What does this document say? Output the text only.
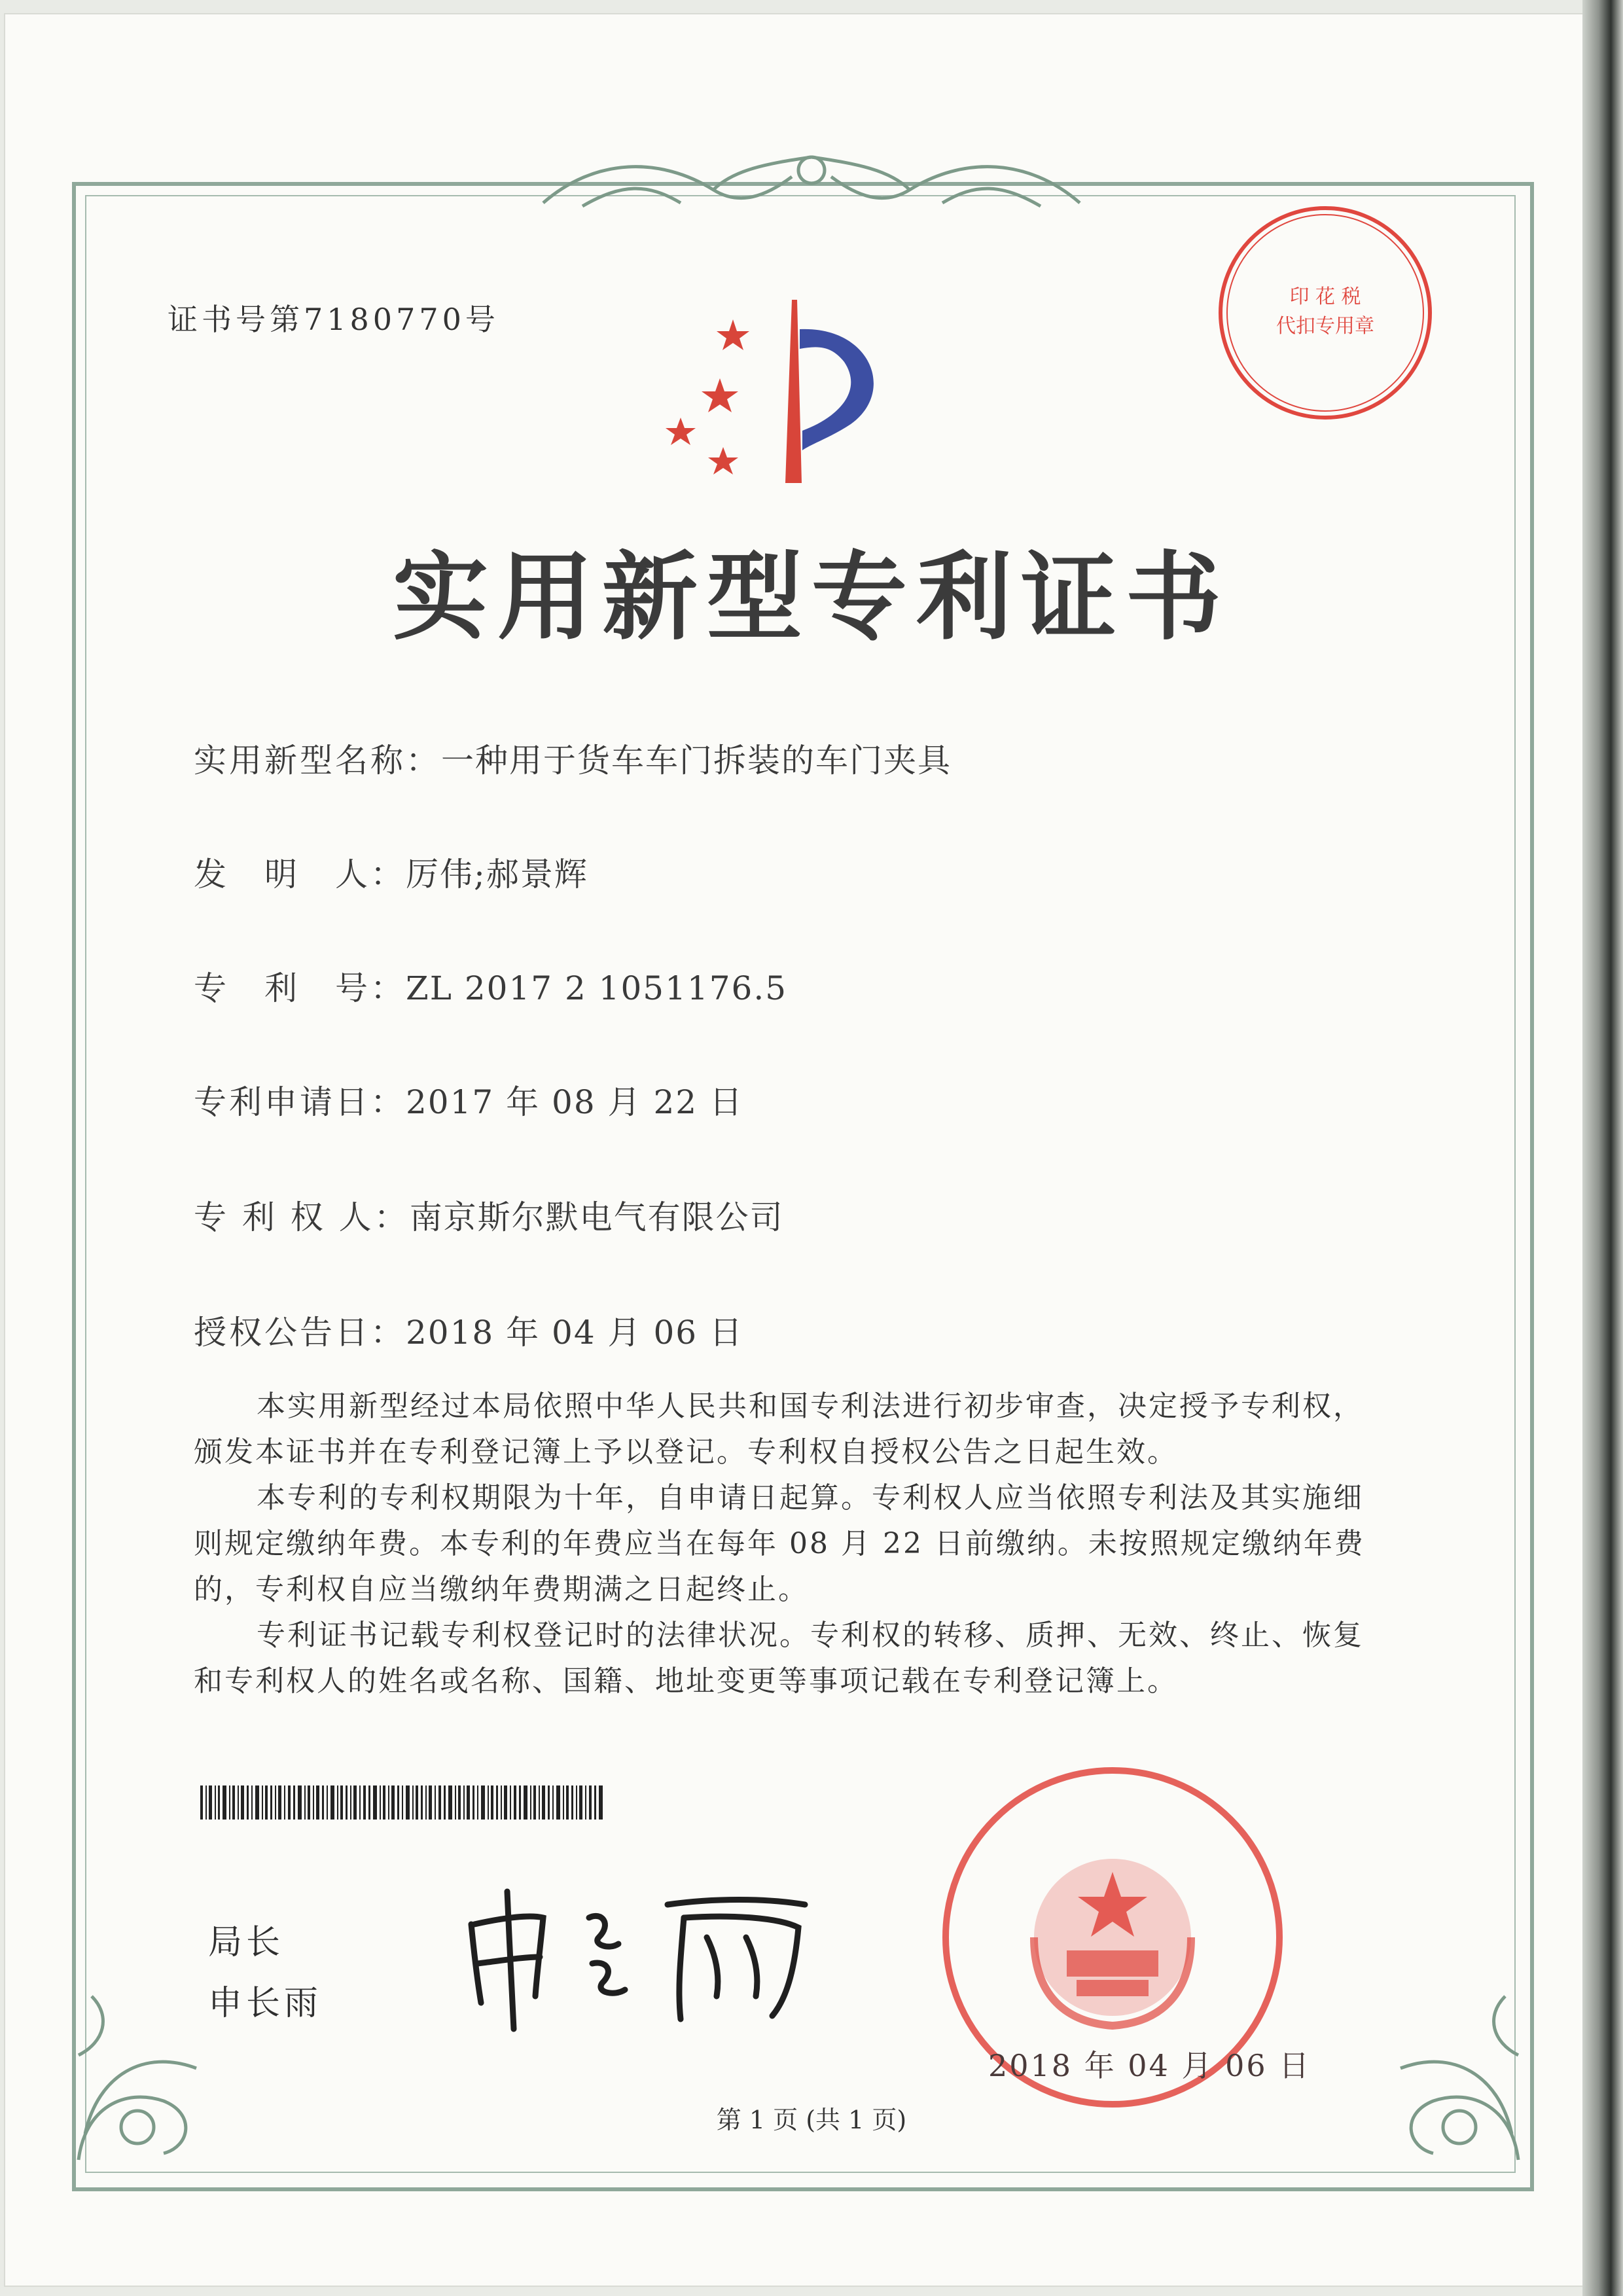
证书号第7180770号
实用新型专利证书
实用新型名称：一种用于货车车门拆装的车门夹具
发　明　人：厉伟;郝景辉
专　利　号：ZL 2017 2 1051176.5
专利申请日：2017 年 08 月 22 日
专 利 权 人：南京斯尔默电气有限公司
授权公告日：2018 年 04 月 06 日

本实用新型经过本局依照中华人民共和国专利法进行初步审查，决定授予专利权，颁发本证书并在专利登记簿上予以登记。专利权自授权公告之日起生效。

本专利的专利权期限为十年，自申请日起算。专利权人应当依照专利法及其实施细则规定缴纳年费。本专利的年费应当在每年 08 月 22 日前缴纳。未按照规定缴纳年费的，专利权自应当缴纳年费期满之日起终止。

专利证书记载专利权登记时的法律状况。专利权的转移、质押、无效、终止、恢复和专利权人的姓名或名称、国籍、地址变更等事项记载在专利登记簿上。

局长
申长雨
印 花 税
代扣专用章
2018 年 04 月 06 日
第 1 页 (共 1 页)
